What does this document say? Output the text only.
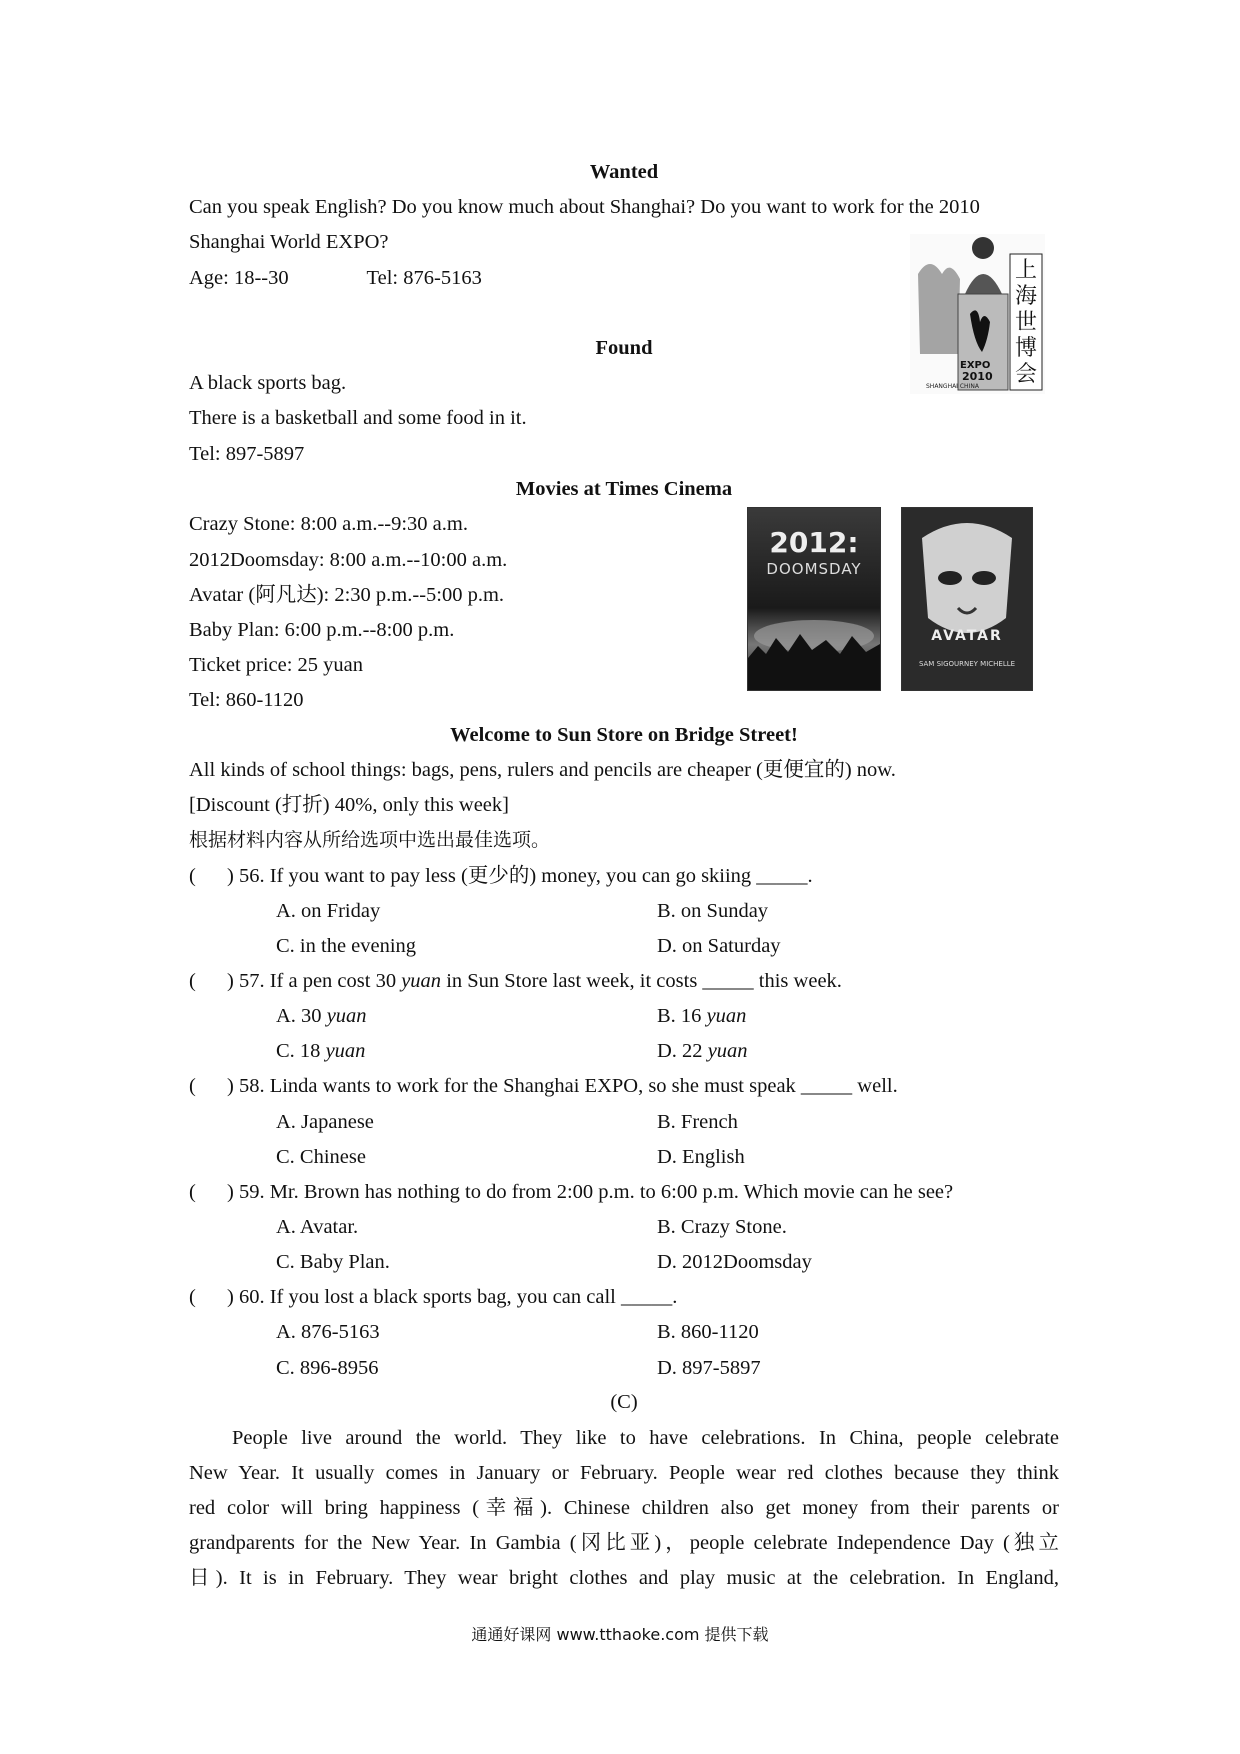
Wanted
Can you speak English? Do you know much about Shanghai? Do you want to work for the 2010
Shanghai World EXPO?
Age: 18--30	Tel: 876-5163	上
海
世
博
会
EXPO
2010
SHANGHAI CHINA
Found
A black sports bag.
There is a basketball and some food in it.
Tel: 897-5897
Movies at Times Cinema
Crazy Stone: 8:00 a.m.--9:30 a.m.
2012Doomsday: 8:00 a.m.--10:00 a.m.
Avatar (阿凡达): 2:30 p.m.--5:00 p.m.
Baby Plan: 6:00 p.m.--8:00 p.m.
Ticket price: 25 yuan
Tel: 860-1120
2012:
DOOMSDAY
AVATAR
SAM SIGOURNEY MICHELLE
Welcome to Sun Store on Bridge Street!
All kinds of school things: bags, pens, rulers and pencils are cheaper (更便宜的) now.
[Discount (打折) 40%, only this week]
根据材料内容从所给选项中选出最佳选项。
( ) 56. If you want to pay less (更少的) money, you can go skiing _____.
A. on Friday	B. on Sunday
C. in the evening	D. on Saturday
( ) 57. If a pen cost 30 yuan in Sun Store last week, it costs _____ this week.
A. 30 yuan	B. 16 yuan
C. 18 yuan	D. 22 yuan
( ) 58. Linda wants to work for the Shanghai EXPO, so she must speak _____ well.
A. Japanese	B. French
C. Chinese	D. English
( ) 59. Mr. Brown has nothing to do from 2:00 p.m. to 6:00 p.m. Which movie can he see?
A. Avatar.	B. Crazy Stone.
C. Baby Plan.	D. 2012Doomsday
( ) 60. If you lost a black sports bag, you can call _____.
A. 876-5163	B. 860-1120
C. 896-8956	D. 897-5897
(C)
People live around the world. They like to have celebrations. In China, people celebrate
New Year. It usually comes in January or February. People wear red clothes because they think
red color will bring happiness (幸福). Chinese children also get money from their parents or
grandparents for the New Year. In Gambia (冈比亚)，people celebrate Independence Day (独立
日). It is in February. They wear bright clothes and play music at the celebration. In England,
通通好课网 www.tthaoke.com 提供下载
